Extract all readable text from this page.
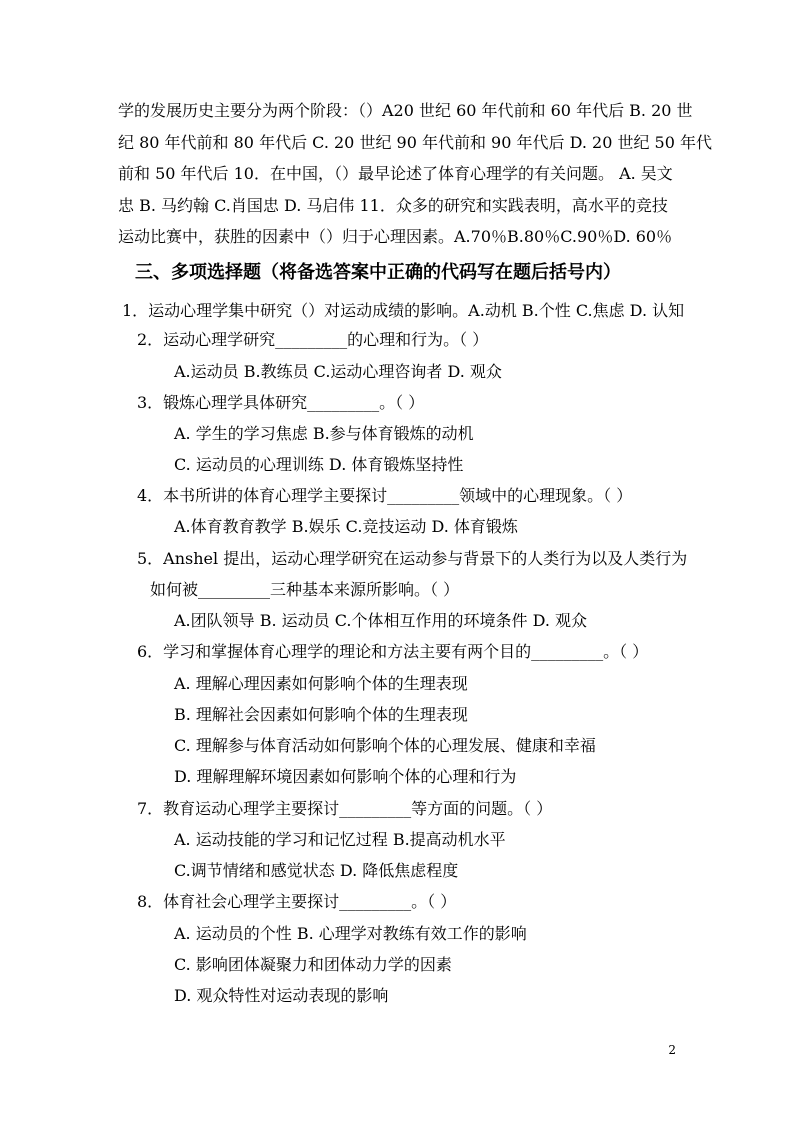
学的发展历史主要分为两个阶段：（）A20 世纪 60 年代前和 60 年代后 B. 20 世
纪 80 年代前和 80 年代后 C. 20 世纪 90 年代前和 90 年代后 D. 20 世纪 50 年代
前和 50 年代后 10．在中国，（）最早论述了体育心理学的有关问题。 A. 吴文
忠 B. 马约翰 C.肖国忠 D. 马启伟 11．众多的研究和实践表明，高水平的竞技
运动比赛中，获胜的因素中（）归于心理因素。A.70％B.80％C.90％D. 60％
三、多项选择题（将备选答案中正确的代码写在题后括号内）
1．运动心理学集中研究（）对运动成绩的影响。A.动机 B.个性 C.焦虑 D. 认知
2．运动心理学研究_________的心理和行为。（ ）
A.运动员 B.教练员 C.运动心理咨询者 D. 观众
3．锻炼心理学具体研究_________。（ ）
A. 学生的学习焦虑 B.参与体育锻炼的动机
C. 运动员的心理训练 D. 体育锻炼坚持性
4．本书所讲的体育心理学主要探讨_________领域中的心理现象。（ ）
A.体育教育教学 B.娱乐 C.竞技运动 D. 体育锻炼
5．Anshel 提出，运动心理学研究在运动参与背景下的人类行为以及人类行为
如何被_________三种基本来源所影响。（ ）
A.团队领导 B. 运动员 C.个体相互作用的环境条件 D. 观众
6．学习和掌握体育心理学的理论和方法主要有两个目的_________。（ ）
A. 理解心理因素如何影响个体的生理表现
B. 理解社会因素如何影响个体的生理表现
C. 理解参与体育活动如何影响个体的心理发展、健康和幸福
D. 理解理解环境因素如何影响个体的心理和行为
7．教育运动心理学主要探讨_________等方面的问题。（ ）
A. 运动技能的学习和记忆过程 B.提高动机水平
C.调节情绪和感觉状态 D. 降低焦虑程度
8．体育社会心理学主要探讨_________。（ ）
A. 运动员的个性 B. 心理学对教练有效工作的影响
C. 影响团体凝聚力和团体动力学的因素
D. 观众特性对运动表现的影响
2
